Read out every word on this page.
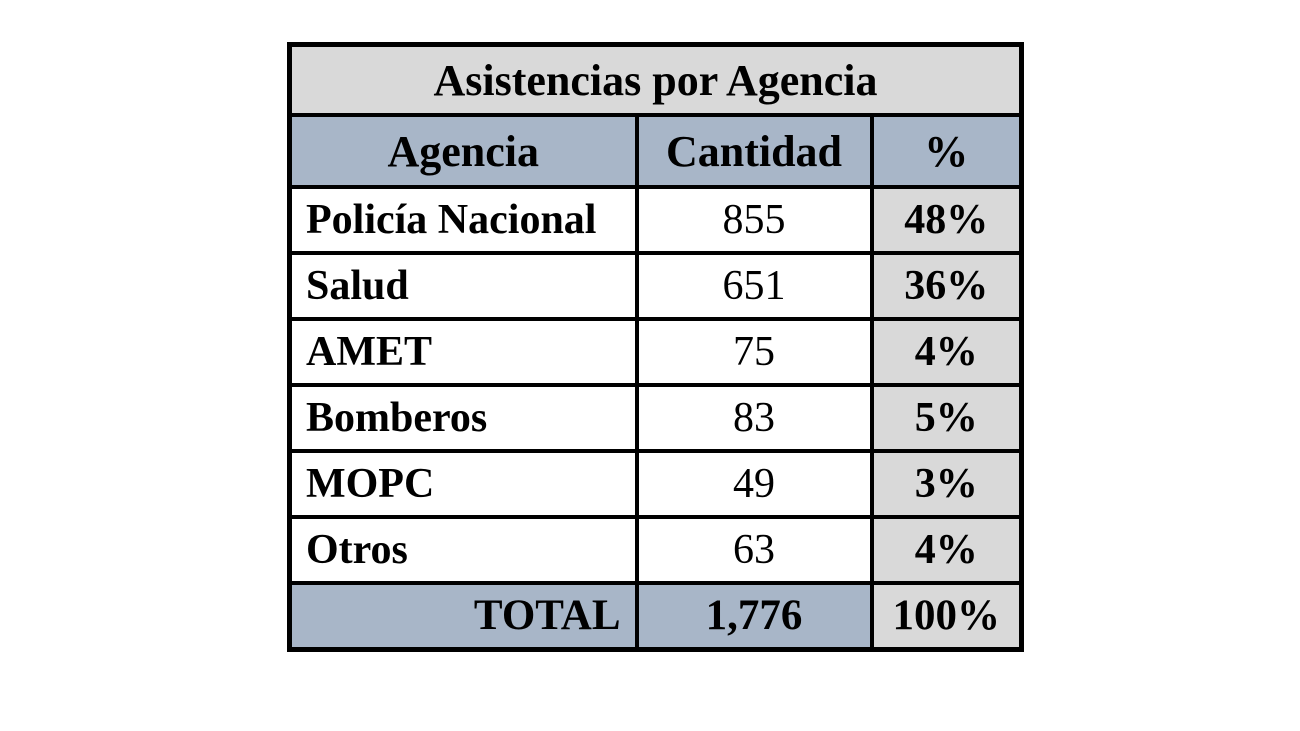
Asistencias por Agencia		
Agencia	Cantidad	%
Policía Nacional	855	48%
Salud	651	36%
AMET	75	4%
Bomberos	83	5%
MOPC	49	3%
Otros	63	4%
TOTAL	1,776	100%
